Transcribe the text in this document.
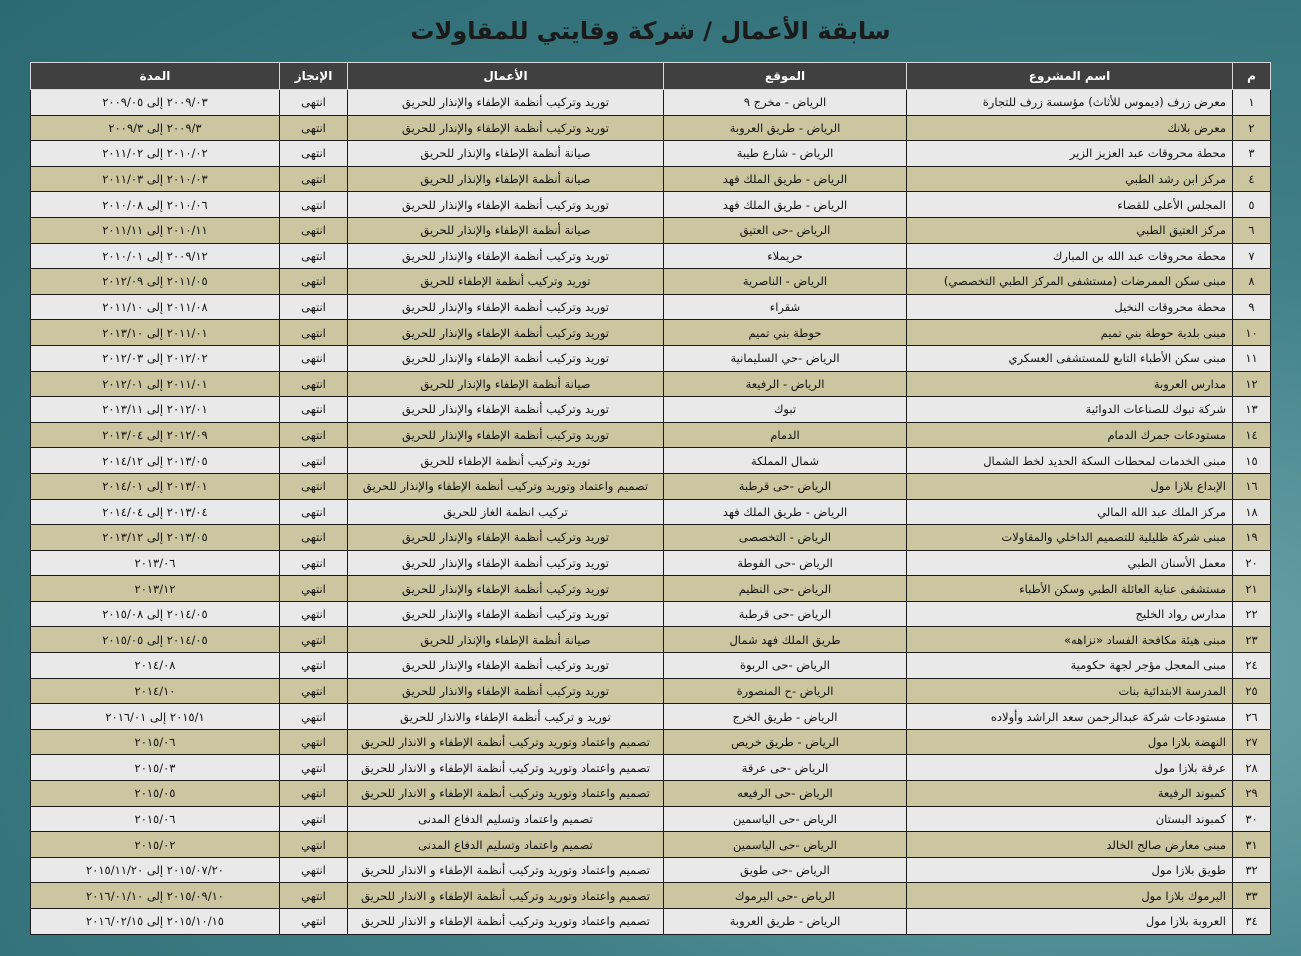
سابقة الأعمال / شركة وقايتي للمقاولات
م	اسم المشروع	الموقع	الأعمال	الإنجاز	المدة
١	معرض زرف (ديموس للأثاث) مؤسسة زرف للتجارة	الرياض - مخرج ٩	توريد وتركيب أنظمة الإطفاء والإنذار للحريق	انتهى	٢٠٠٩/٠٣ إلى ٢٠٠٩/٠٥
٢	معرض بلانك	الرياض - طريق العروبة	توريد وتركيب أنظمة الإطفاء والإنذار للحريق	انتهى	٢٠٠٩/٣ إلى ٢٠٠٩/٣
٣	محطة محروقات عبد العزيز الزير	الرياض - شارع طيبة	صيانة أنظمة الإطفاء والإنذار للحريق	انتهى	٢٠١٠/٠٢ إلى ٢٠١١/٠٢
٤	مركز ابن رشد الطبي	الرياض - طريق الملك فهد	صيانة أنظمة الإطفاء والإنذار للحريق	انتهى	٢٠١٠/٠٣ إلى ٢٠١١/٠٣
٥	المجلس الأعلى للقضاء	الرياض - طريق الملك فهد	توريد وتركيب أنظمة الإطفاء والإنذار للحريق	انتهى	٢٠١٠/٠٦ إلى ٢٠١٠/٠٨
٦	مركز العتيق الطبي	الرياض -حى العتيق	صيانة أنظمة الإطفاء والإنذار للحريق	انتهى	٢٠١٠/١١ إلى ٢٠١١/١١
٧	محطة محروقات عبد الله بن المبارك	حريملاء	توريد وتركيب أنظمة الإطفاء والإنذار للحريق	انتهى	٢٠٠٩/١٢ إلى ٢٠١٠/٠١
٨	مبنى سكن الممرضات (مستشفى المركز الطبي التخصصي)	الرياض - الناصرية	توريد وتركيب أنظمة الإطفاء للحريق	انتهى	٢٠١١/٠٥ إلى ٢٠١٢/٠٩
٩	محطة محروقات النخيل	شقراء	توريد وتركيب أنظمة الإطفاء والإنذار للحريق	انتهى	٢٠١١/٠٨ إلى ٢٠١١/١٠
١٠	مبنى بلدية حوطة بني تميم	حوطة بني تميم	توريد وتركيب أنظمة الإطفاء والإنذار للحريق	انتهى	٢٠١١/٠١ إلى ٢٠١٣/١٠
١١	مبنى سكن الأطباء التابع للمستشفى العسكري	الرياض -حي السليمانية	توريد وتركيب أنظمة الإطفاء والإنذار للحريق	انتهى	٢٠١٢/٠٢ إلى ٢٠١٢/٠٣
١٢	مدارس العروبة	الرياض - الرفيعة	صيانة أنظمة الإطفاء والإنذار للحريق	انتهى	٢٠١١/٠١ إلى ٢٠١٢/٠١
١٣	شركة تبوك للصناعات الدوائية	تبوك	توريد وتركيب أنظمة الإطفاء والإنذار للحريق	انتهى	٢٠١٢/٠١ إلى ٢٠١٣/١١
١٤	مستودعات جمرك الدمام	الدمام	توريد وتركيب أنظمة الإطفاء والإنذار للحريق	انتهى	٢٠١٢/٠٩ إلى ٢٠١٣/٠٤
١٥	مبنى الخدمات لمحطات السكة الحديد لخط الشمال	شمال المملكة	توريد وتركيب أنظمة الإطفاء للحريق	انتهى	٢٠١٣/٠٥ إلى ٢٠١٤/١٢
١٦	الإبداع بلازا مول	الرياض -حى قرطبة	تصميم واعتماد وتوريد وتركيب أنظمة الإطفاء والإنذار للحريق	انتهى	٢٠١٣/٠١ إلى ٢٠١٤/٠١
١٨	مركز الملك عبد الله المالي	الرياض - طريق الملك فهد	تركيب انظمة الغاز للحريق	انتهى	٢٠١٣/٠٤ إلى ٢٠١٤/٠٤
١٩	مبنى شركة ظليلية للتصميم الداخلي والمقاولات	الرياض - التخصصى	توريد وتركيب أنظمة الإطفاء والإنذار للحريق	انتهى	٢٠١٣/٠٥ إلى ٢٠١٣/١٢
٢٠	معمل الأسنان الطبي	الرياض -حى الفوطة	توريد وتركيب أنظمة الإطفاء والإنذار للحريق	انتهي	٢٠١٣/٠٦
٢١	مستشفى عناية العائلة الطبي وسكن الأطباء	الرياض -حى النظيم	توريد وتركيب أنظمة الإطفاء والإنذار للحريق	انتهي	٢٠١٣/١٢
٢٢	مدارس رواد الخليج	الرياض -حى قرطبة	توريد وتركيب أنظمة الإطفاء والإنذار للحريق	انتهي	٢٠١٤/٠٥ إلى ٢٠١٥/٠٨
٢٣	مبنى هيئة مكافحة الفساد «نزاهه»	طريق الملك فهد شمال	صيانة أنظمة الإطفاء والإنذار للحريق	انتهي	٢٠١٤/٠٥ إلى ٢٠١٥/٠٥
٢٤	مبنى المعجل مؤجر لجهة حكومية	الرياض -حى الربوة	توريد وتركيب أنظمة الإطفاء والإنذار للحريق	انتهي	٢٠١٤/٠٨
٢٥	المدرسة الابتدائية بنات	الرياض -ح المنصورة	توريد وتركيب أنظمة الإطفاء والانذار للحريق	انتهي	٢٠١٤/١٠
٢٦	مستودعات شركة عبدالرحمن سعد الراشد وأولاده	الرياض - طريق الخرج	توريد و تركيب أنظمة الإطفاء والانذار للحريق	انتهي	٢٠١٥/١ إلى ٢٠١٦/٠١
٢٧	النهضة بلازا مول	الرياض - طريق خريص	تصميم واعتماد وتوريد وتركيب أنظمة الإطفاء و الانذار للحريق	انتهي	٢٠١٥/٠٦
٢٨	عرقة بلازا مول	الرياض -حى عرقة	تصميم واعتماد وتوريد وتركيب أنظمة الإطفاء و الانذار للحريق	انتهي	٢٠١٥/٠٣
٢٩	كمبوند الرفيعة	الرياض -حى الرفيعه	تصميم واعتماد وتوريد وتركيب أنظمة الإطفاء و الانذار للحريق	انتهي	٢٠١٥/٠٥
٣٠	كمبوند البستان	الرياض -حى الياسمين	تصميم واعتماد وتسليم الدفاع المدنى	انتهي	٢٠١٥/٠٦
٣١	مبنى معارض صالح الخالد	الرياض -حى الياسمين	تصميم واعتماد وتسليم الدفاع المدنى	انتهي	٢٠١٥/٠٢
٣٢	طويق بلازا مول	الرياض -حى طويق	تصميم واعتماد وتوريد وتركيب أنظمة الإطفاء و الانذار للحريق	انتهي	٢٠١٥/٠٧/٢٠ إلى ٢٠١٥/١١/٢٠
٣٣	اليرموك بلازا مول	الرياض -حى اليرموك	تصميم واعتماد وتوريد وتركيب أنظمة الإطفاء و الانذار للحريق	انتهي	٢٠١٥/٠٩/١٠ إلى ٢٠١٦/٠١/١٠
٣٤	العروبة بلازا مول	الرياض - طريق العروبة	تصميم واعتماد وتوريد وتركيب أنظمة الإطفاء و الانذار للحريق	انتهي	٢٠١٥/١٠/١٥ إلى ٢٠١٦/٠٢/١٥
